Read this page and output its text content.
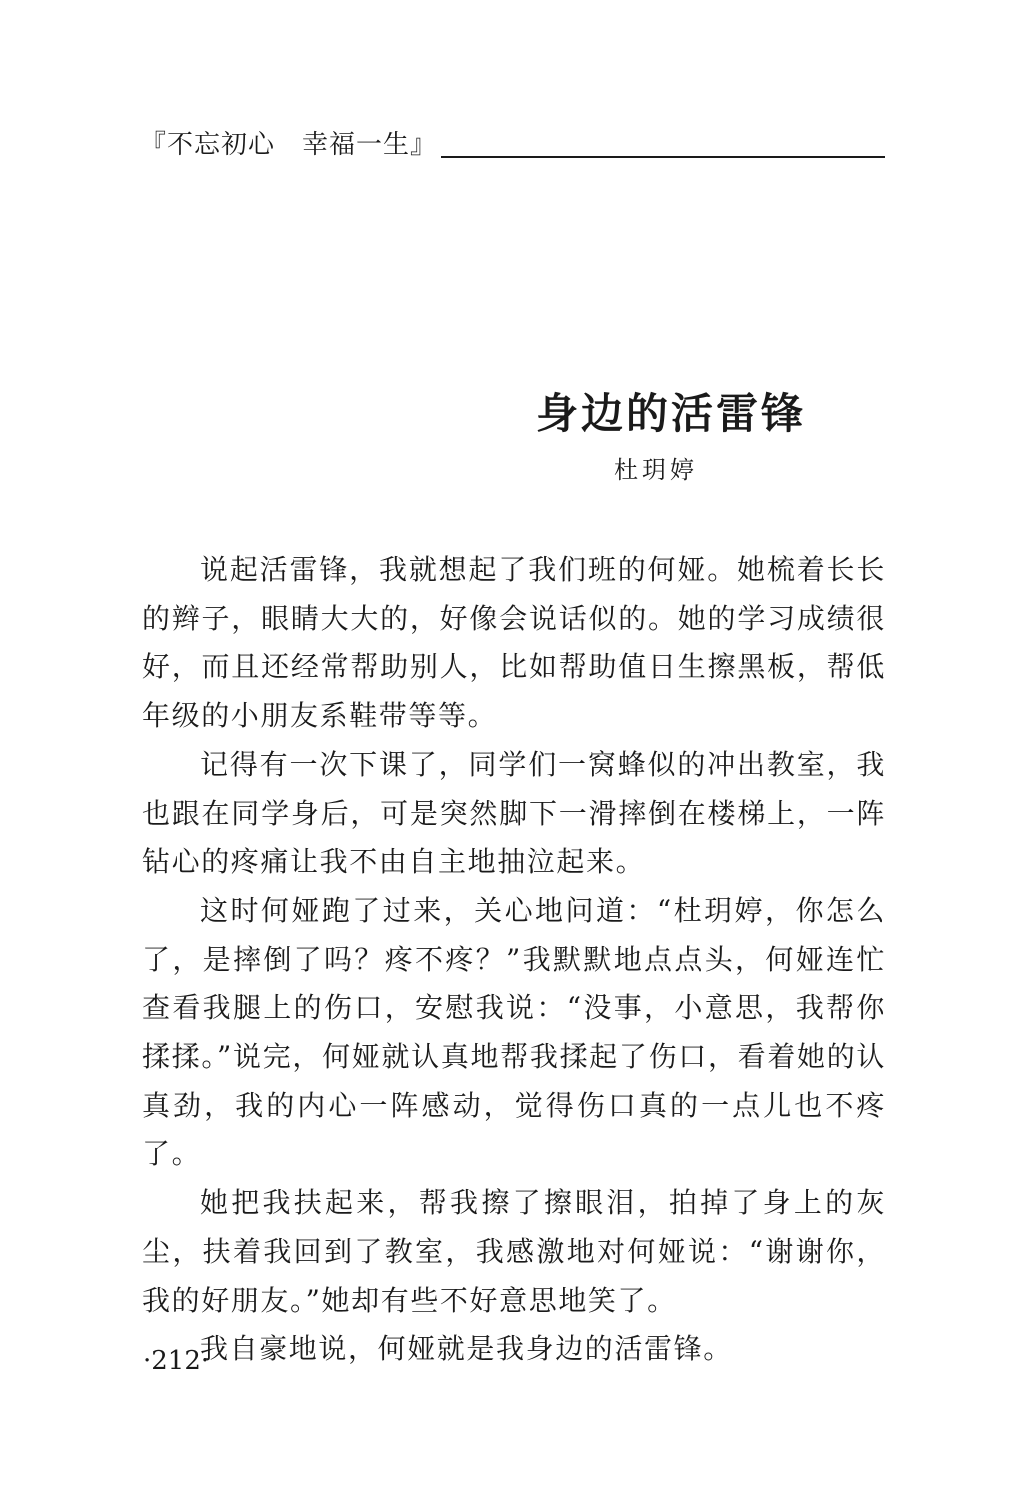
『不忘初心　幸福一生』
身边的活雷锋
杜玥婷

说起活雷锋，我就想起了我们班的何娅。她梳着长长的辫子，眼睛大大的，好像会说话似的。她的学习成绩很好，而且还经常帮助别人，比如帮助值日生擦黑板，帮低年级的小朋友系鞋带等等。

记得有一次下课了，同学们一窝蜂似的冲出教室，我也跟在同学身后，可是突然脚下一滑摔倒在楼梯上，一阵钻心的疼痛让我不由自主地抽泣起来。

这时何娅跑了过来，关心地问道：“杜玥婷，你怎么了，是摔倒了吗？疼不疼？”我默默地点点头，何娅连忙查看我腿上的伤口，安慰我说：“没事，小意思，我帮你揉揉。”说完，何娅就认真地帮我揉起了伤口，看着她的认真劲，我的内心一阵感动，觉得伤口真的一点儿也不疼了。

她把我扶起来，帮我擦了擦眼泪，拍掉了身上的灰尘，扶着我回到了教室，我感激地对何娅说：“谢谢你，我的好朋友。”她却有些不好意思地笑了。

我自豪地说，何娅就是我身边的活雷锋。

·212·
